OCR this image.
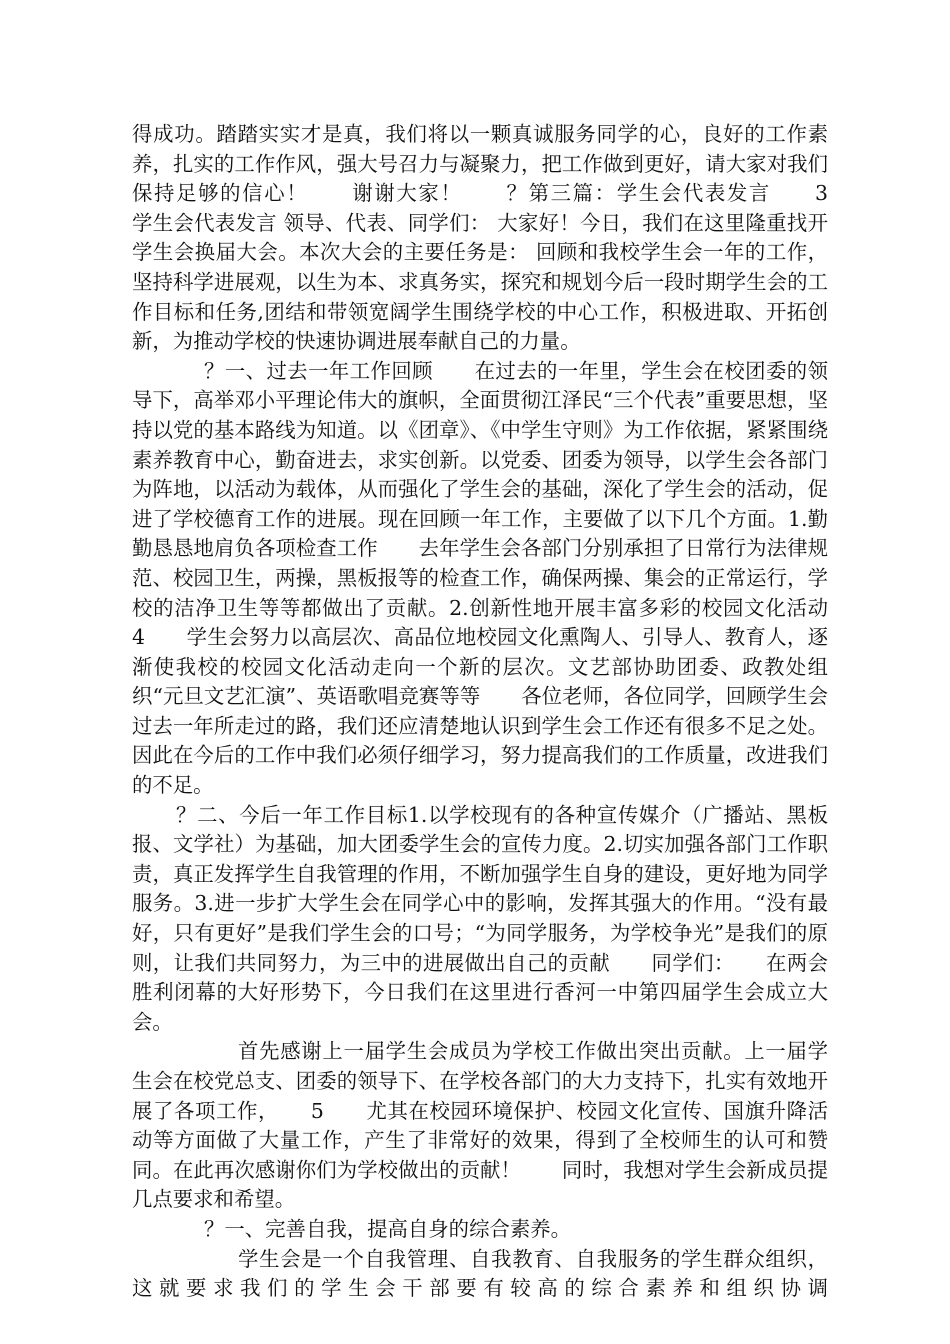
得成功。踏踏实实才是真，我们将以一颗真诚服务同学的心，良好的工作素养，扎实的工作作风，强大号召力与凝聚力，把工作做到更好，请大家对我们保持足够的信心！　　谢谢大家！　　？第三篇：学生会代表发言　　3　　学生会代表发言 领导、代表、同学们： 大家好！今日，我们在这里隆重找开学生会换届大会。本次大会的主要任务是： 回顾和我校学生会一年的工作，坚持科学进展观，以生为本、求真务实，探究和规划今后一段时期学生会的工作目标和任务,团结和带领宽阔学生围绕学校的中心工作，积极进取、开拓创新，为推动学校的快速协调进展奉献自己的力量。

？一、过去一年工作回顾　　在过去的一年里，学生会在校团委的领导下，高举邓小平理论伟大的旗帜，全面贯彻江泽民“三个代表”重要思想，坚持以党的基本路线为知道。以《团章》、《中学生守则》为工作依据，紧紧围绕素养教育中心，勤奋进去，求实创新。以党委、团委为领导，以学生会各部门为阵地，以活动为载体，从而强化了学生会的基础，深化了学生会的活动，促进了学校德育工作的进展。现在回顾一年工作，主要做了以下几个方面。1.勤勤恳恳地肩负各项检查工作　　去年学生会各部门分别承担了日常行为法律规范、校园卫生，两操，黑板报等的检查工作，确保两操、集会的正常运行，学校的洁净卫生等等都做出了贡献。2.创新性地开展丰富多彩的校园文化活动　　4　　学生会努力以高层次、高品位地校园文化熏陶人、引导人、教育人，逐渐使我校的校园文化活动走向一个新的层次。文艺部协助团委、政教处组织“元旦文艺汇演”、英语歌唱竞赛等等　　各位老师，各位同学，回顾学生会过去一年所走过的路，我们还应清楚地认识到学生会工作还有很多不足之处。因此在今后的工作中我们必须仔细学习，努力提高我们的工作质量，改进我们的不足。

？二、今后一年工作目标1.以学校现有的各种宣传媒介（广播站、黑板报、文学社）为基础，加大团委学生会的宣传力度。2.切实加强各部门工作职责，真正发挥学生自我管理的作用，不断加强学生自身的建设，更好地为同学服务。3.进一步扩大学生会在同学心中的影响，发挥其强大的作用。“没有最好，只有更好”是我们学生会的口号；“为同学服务，为学校争光”是我们的原则，让我们共同努力，为三中的进展做出自己的贡献　　同学们：　　在两会胜利闭幕的大好形势下，今日我们在这里进行香河一中第四届学生会成立大会。

首先感谢上一届学生会成员为学校工作做出突出贡献。上一届学生会在校党总支、团委的领导下、在学校各部门的大力支持下，扎实有效地开展了各项工作，　　5　　尤其在校园环境保护、校园文化宣传、国旗升降活动等方面做了大量工作，产生了非常好的效果，得到了全校师生的认可和赞同。在此再次感谢你们为学校做出的贡献！　　同时，我想对学生会新成员提几点要求和希望。

？一、完善自我，提高自身的综合素养。

学生会是一个自我管理、自我教育、自我服务的学生群众组织，这就要求我们的学生会干部要有较高的综合素养和组织协调
